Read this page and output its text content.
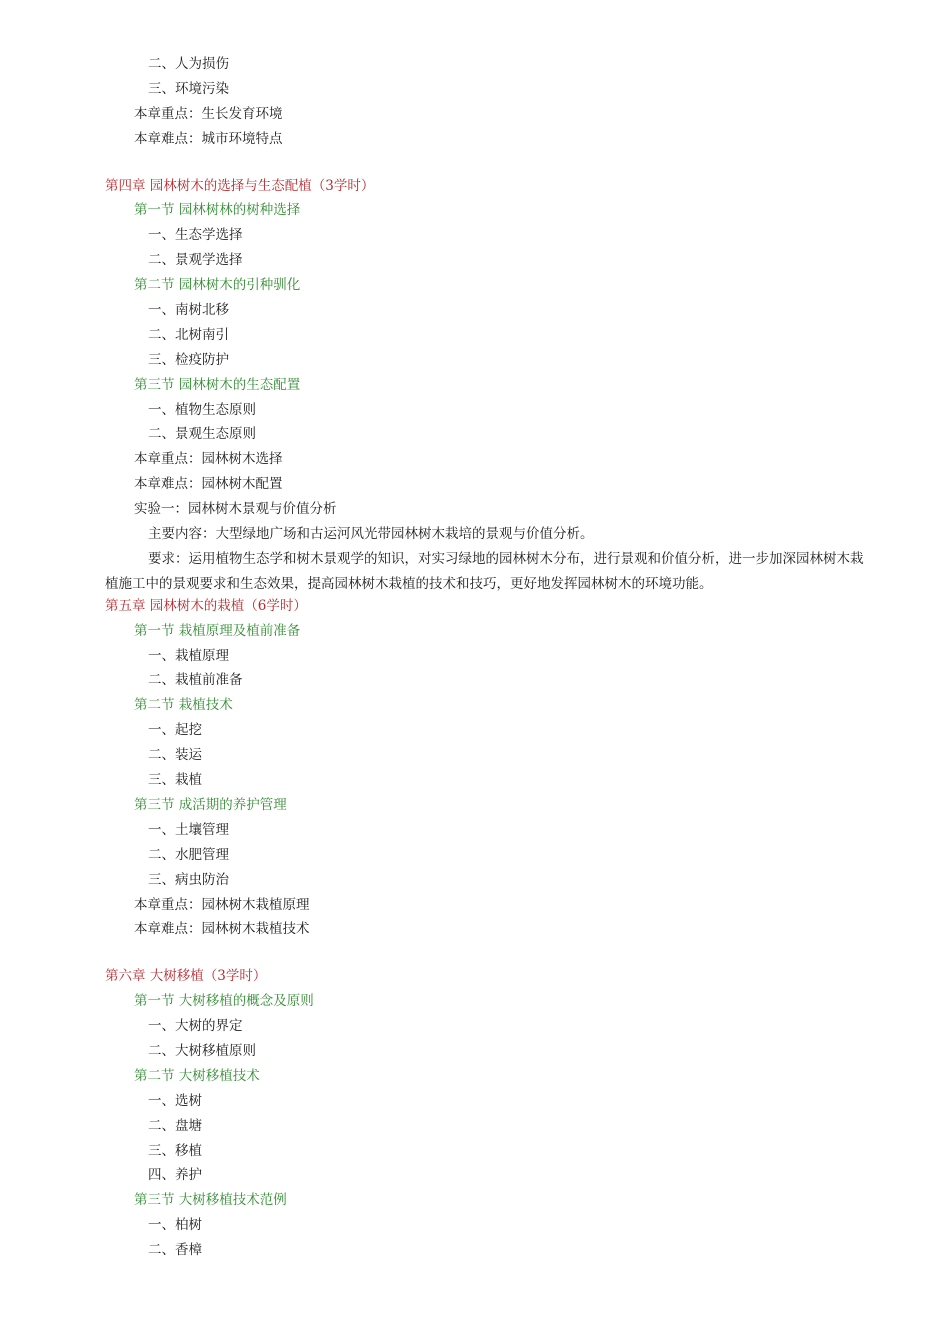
二、人为损伤
三、环境污染
本章重点：生长发育环境
本章难点：城市环境特点
第四章 园林树木的选择与生态配植（3学时）
第一节 园林树林的树种选择
一、生态学选择
二、景观学选择
第二节 园林树木的引种驯化
一、南树北移
二、北树南引
三、检疫防护
第三节 园林树木的生态配置
一、植物生态原则
二、景观生态原则
本章重点：园林树木选择
本章难点：园林树木配置
实验一：园林树木景观与价值分析
主要内容：大型绿地广场和古运河风光带园林树木栽培的景观与价值分析。
要求：运用植物生态学和树木景观学的知识，对实习绿地的园林树木分布，进行景观和价值分析，进一步加深园林树木栽植施工中的景观要求和生态效果，提高园林树木栽植的技术和技巧，更好地发挥园林树木的环境功能。
第五章 园林树木的栽植（6学时）
第一节 栽植原理及植前准备
一、栽植原理
二、栽植前准备
第二节 栽植技术
一、起挖
二、装运
三、栽植
第三节 成活期的养护管理
一、土壤管理
二、水肥管理
三、病虫防治
本章重点：园林树木栽植原理
本章难点：园林树木栽植技术
第六章 大树移植（3学时）
第一节 大树移植的概念及原则
一、大树的界定
二、大树移植原则
第二节 大树移植技术
一、选树
二、盘塘
三、移植
四、养护
第三节 大树移植技术范例
一、柏树
二、香樟
